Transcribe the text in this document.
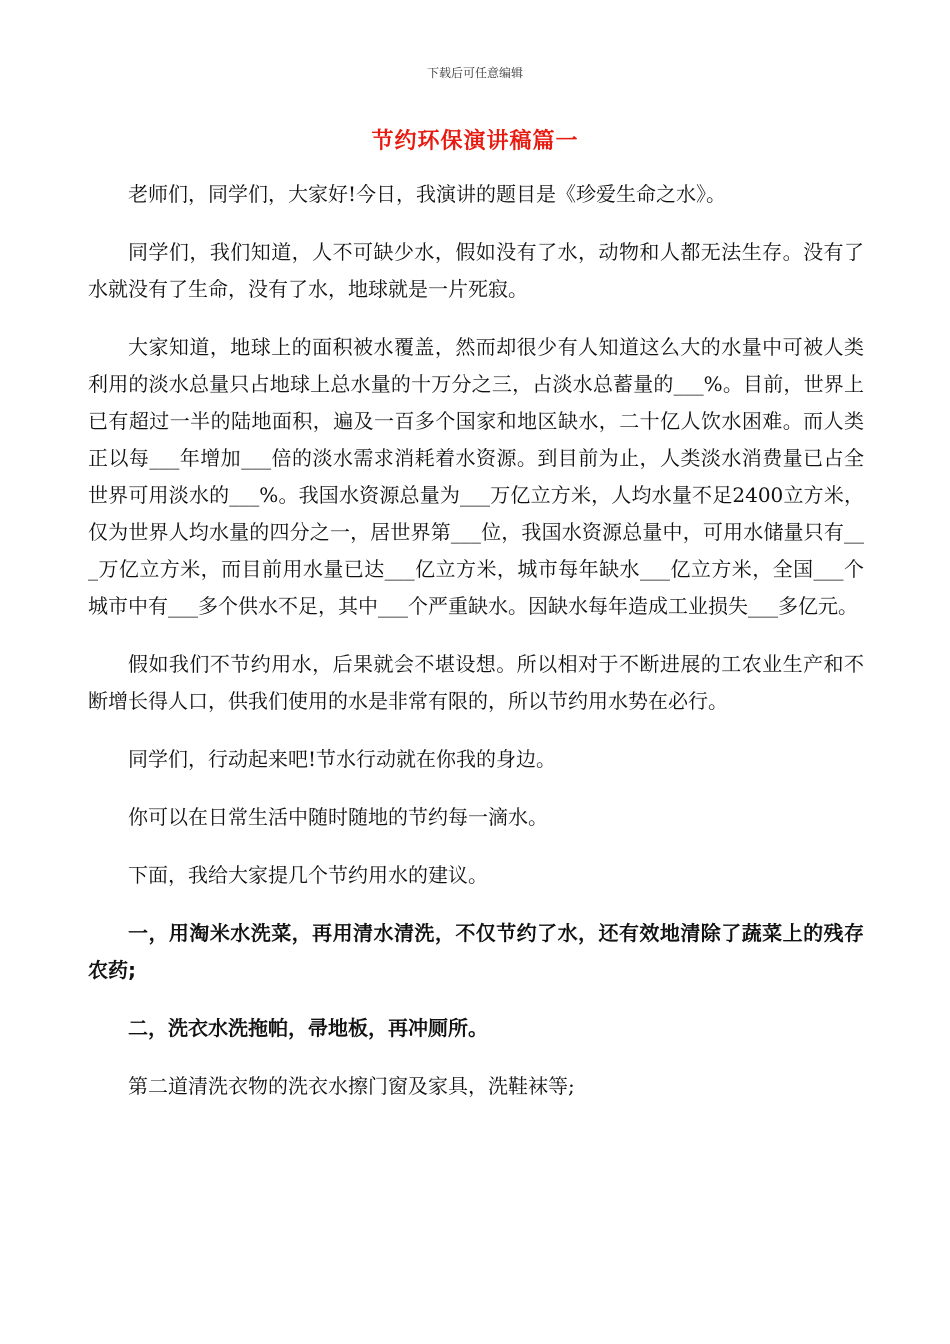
下载后可任意编辑
节约环保演讲稿篇一

老师们，同学们，大家好!今日，我演讲的题目是《珍爱生命之水》。

同学们，我们知道，人不可缺少水，假如没有了水，动物和人都无法生存。没有了水就没有了生命，没有了水，地球就是一片死寂。

大家知道，地球上的面积被水覆盖，然而却很少有人知道这么大的水量中可被人类利用的淡水总量只占地球上总水量的十万分之三，占淡水总蓄量的___%。目前，世界上已有超过一半的陆地面积，遍及一百多个国家和地区缺水，二十亿人饮水困难。而人类正以每___年增加___倍的淡水需求消耗着水资源。到目前为止，人类淡水消费量已占全世界可用淡水的___%。我国水资源总量为___万亿立方米，人均水量不足2400立方米，仅为世界人均水量的四分之一，居世界第___位，我国水资源总量中，可用水储量只有___万亿立方米，而目前用水量已达___亿立方米，城市每年缺水___亿立方米，全国___个城市中有___多个供水不足，其中___个严重缺水。因缺水每年造成工业损失___多亿元。

假如我们不节约用水，后果就会不堪设想。所以相对于不断进展的工农业生产和不断增长得人口，供我们使用的水是非常有限的，所以节约用水势在必行。

同学们，行动起来吧!节水行动就在你我的身边。

你可以在日常生活中随时随地的节约每一滴水。

下面，我给大家提几个节约用水的建议。

一，用淘米水洗菜，再用清水清洗，不仅节约了水，还有效地清除了蔬菜上的残存农药;

二，洗衣水洗拖帕，帚地板，再冲厕所。

第二道清洗衣物的洗衣水擦门窗及家具，洗鞋袜等;
